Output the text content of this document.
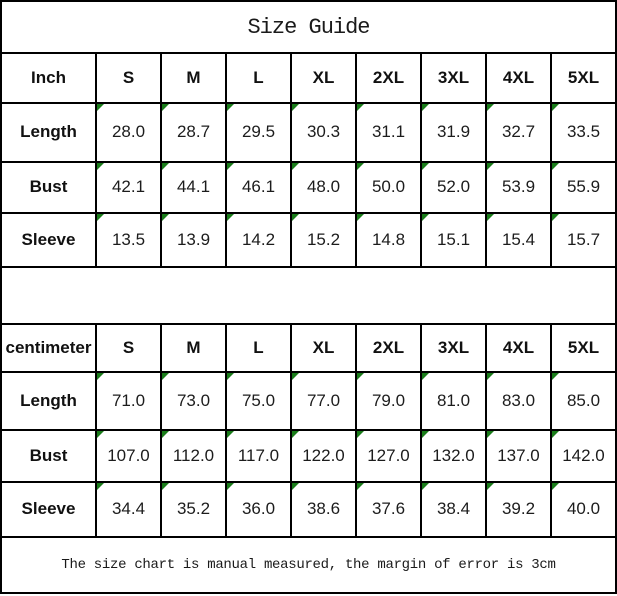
Size Guide								
Inch	S	M	L	XL	2XL	3XL	4XL	5XL
Length	28.0	28.7	29.5	30.3	31.1	31.9	32.7	33.5
Bust	42.1	44.1	46.1	48.0	50.0	52.0	53.9	55.9
Sleeve	13.5	13.9	14.2	15.2	14.8	15.1	15.4	15.7

centimeter	S	M	L	XL	2XL	3XL	4XL	5XL
Length	71.0	73.0	75.0	77.0	79.0	81.0	83.0	85.0
Bust	107.0	112.0	117.0	122.0	127.0	132.0	137.0	142.0
Sleeve	34.4	35.2	36.0	38.6	37.6	38.4	39.2	40.0
The size chart is manual measured, the margin of error is 3cm								
